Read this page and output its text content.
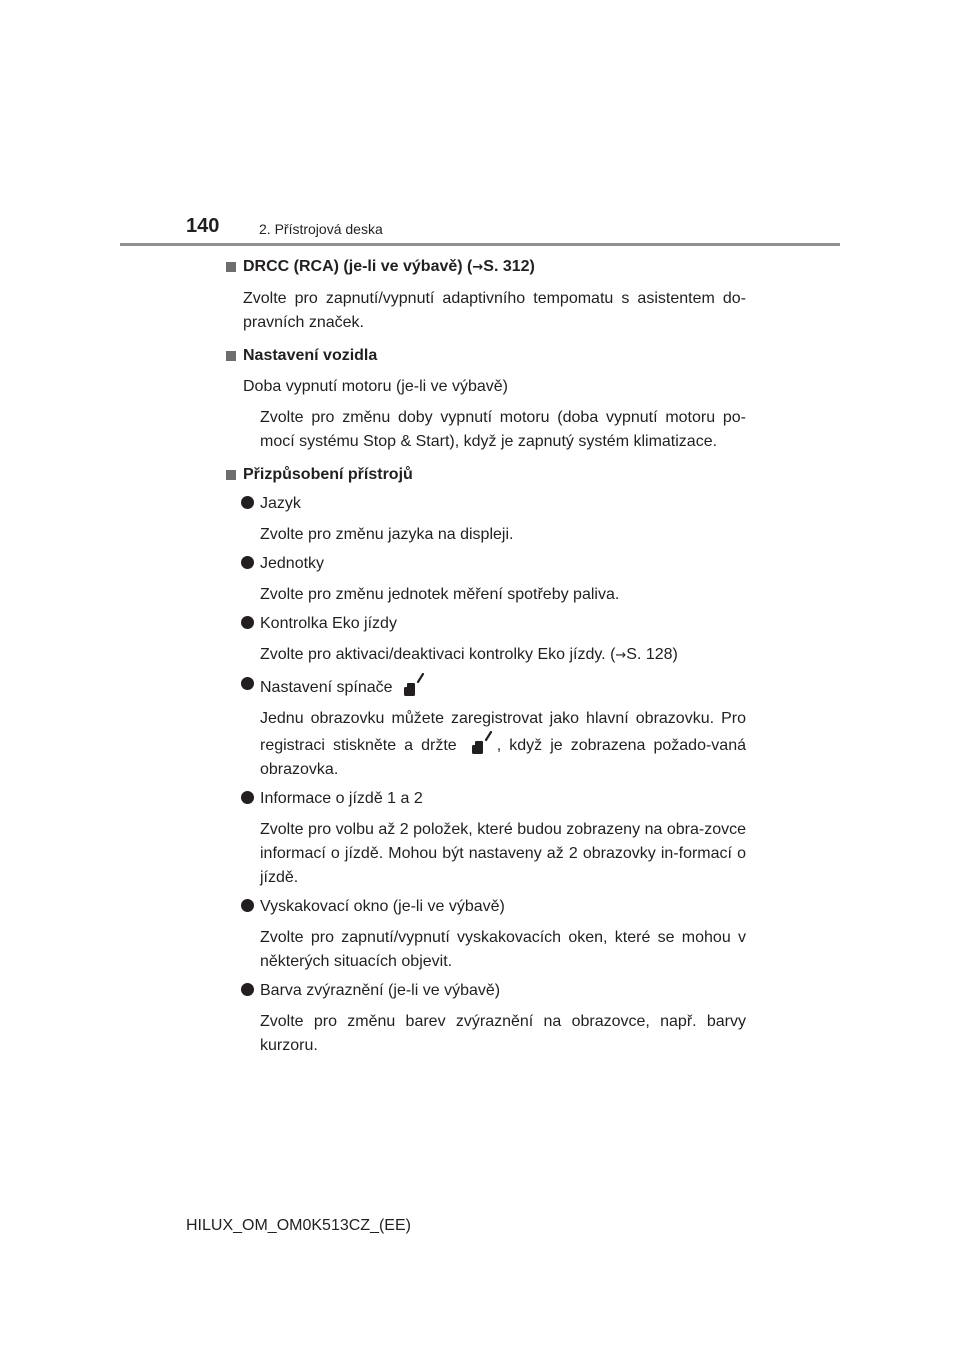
140	2. Přístrojová deska
DRCC (RCA) (je-li ve výbavě) (→S. 312)
Zvolte pro zapnutí/vypnutí adaptivního tempomatu s asistentem do-pravních značek.
Nastavení vozidla
Doba vypnutí motoru (je-li ve výbavě)
Zvolte pro změnu doby vypnutí motoru (doba vypnutí motoru po-mocí systému Stop & Start), když je zapnutý systém klimatizace.
Přizpůsobení přístrojů
Jazyk
Zvolte pro změnu jazyka na displeji.
Jednotky
Zvolte pro změnu jednotek měření spotřeby paliva.
Kontrolka Eko jízdy
Zvolte pro aktivaci/deaktivaci kontrolky Eko jízdy. (→S. 128)
Nastavení spínače
Jednu obrazovku můžete zaregistrovat jako hlavní obrazovku. Pro registraci stiskněte a držte	, když je zobrazena požado-vaná obrazovka.
Informace o jízdě 1 a 2
Zvolte pro volbu až 2 položek, které budou zobrazeny na obra-zovce informací o jízdě. Mohou být nastaveny až 2 obrazovky in-formací o jízdě.
Vyskakovací okno (je-li ve výbavě)
Zvolte pro zapnutí/vypnutí vyskakovacích oken, které se mohou v některých situacích objevit.
Barva zvýraznění (je-li ve výbavě)
Zvolte pro změnu barev zvýraznění na obrazovce, např. barvy kurzoru.
HILUX_OM_OM0K513CZ_(EE)
